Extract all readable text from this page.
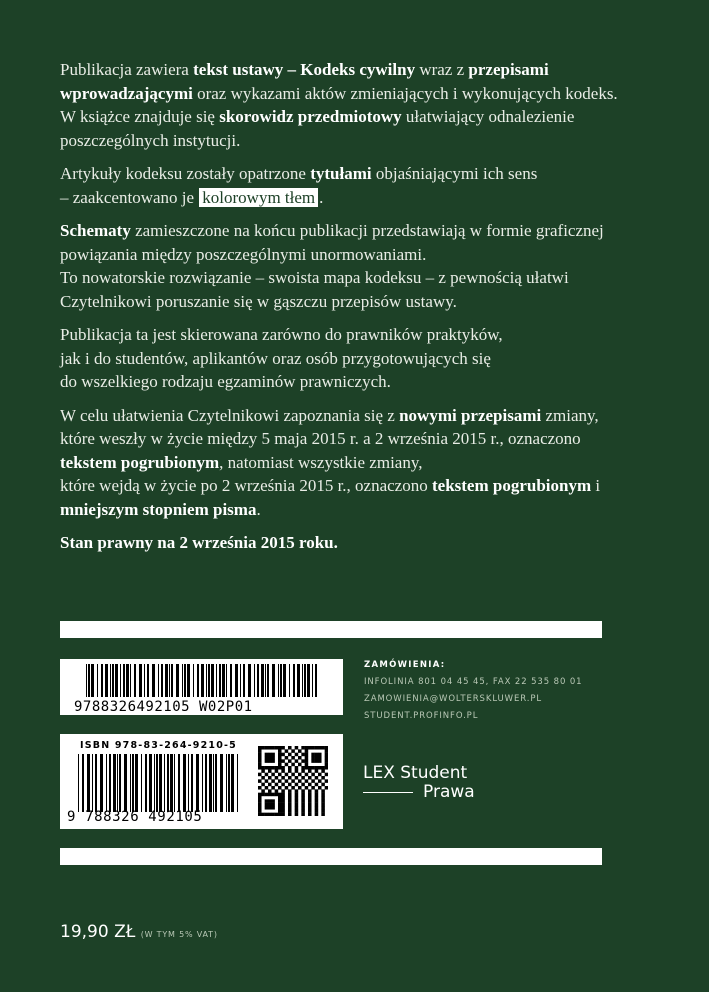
Publikacja zawiera tekst ustawy – Kodeks cywilny wraz z przepisami wprowadzającymi oraz wykazami aktów zmieniających i wykonujących kodeks. W książce znajduje się skorowidz przedmiotowy ułatwiający odnalezienie poszczególnych instytucji.

Artykuły kodeksu zostały opatrzone tytułami objaśniającymi ich sens
– zaakcentowano je kolorowym tłem .

Schematy zamieszczone na końcu publikacji przedstawiają w formie graficznej powiązania między poszczególnymi unormowaniami.
To nowatorskie rozwiązanie – swoista mapa kodeksu – z pewnością ułatwi Czytelnikowi poruszanie się w gąszczu przepisów ustawy.

Publikacja ta jest skierowana zarówno do prawników praktyków,
jak i do studentów, aplikantów oraz osób przygotowujących się
do wszelkiego rodzaju egzaminów prawniczych.

W celu ułatwienia Czytelnikowi zapoznania się z nowymi przepisami zmiany, które weszły w życie między 5 maja 2015 r. a 2 września 2015 r., oznaczono tekstem pogrubionym, natomiast wszystkie zmiany,
które wejdą w życie po 2 września 2015 r., oznaczono tekstem pogrubionym i mniejszym stopniem pisma.

Stan prawny na 2 września 2015 roku.

9788326492105 W02P01
ISBN 978-83-264-9210-5
9 788326 492105
ZAMÓWIENIA:
INFOLINIA 801 04 45 45, FAX 22 535 80 01
ZAMOWIENIA@WOLTERSKLUWER.PL
STUDENT.PROFINFO.PL
LEX Student
Prawa
19,90 ZŁ (W TYM 5% VAT)
